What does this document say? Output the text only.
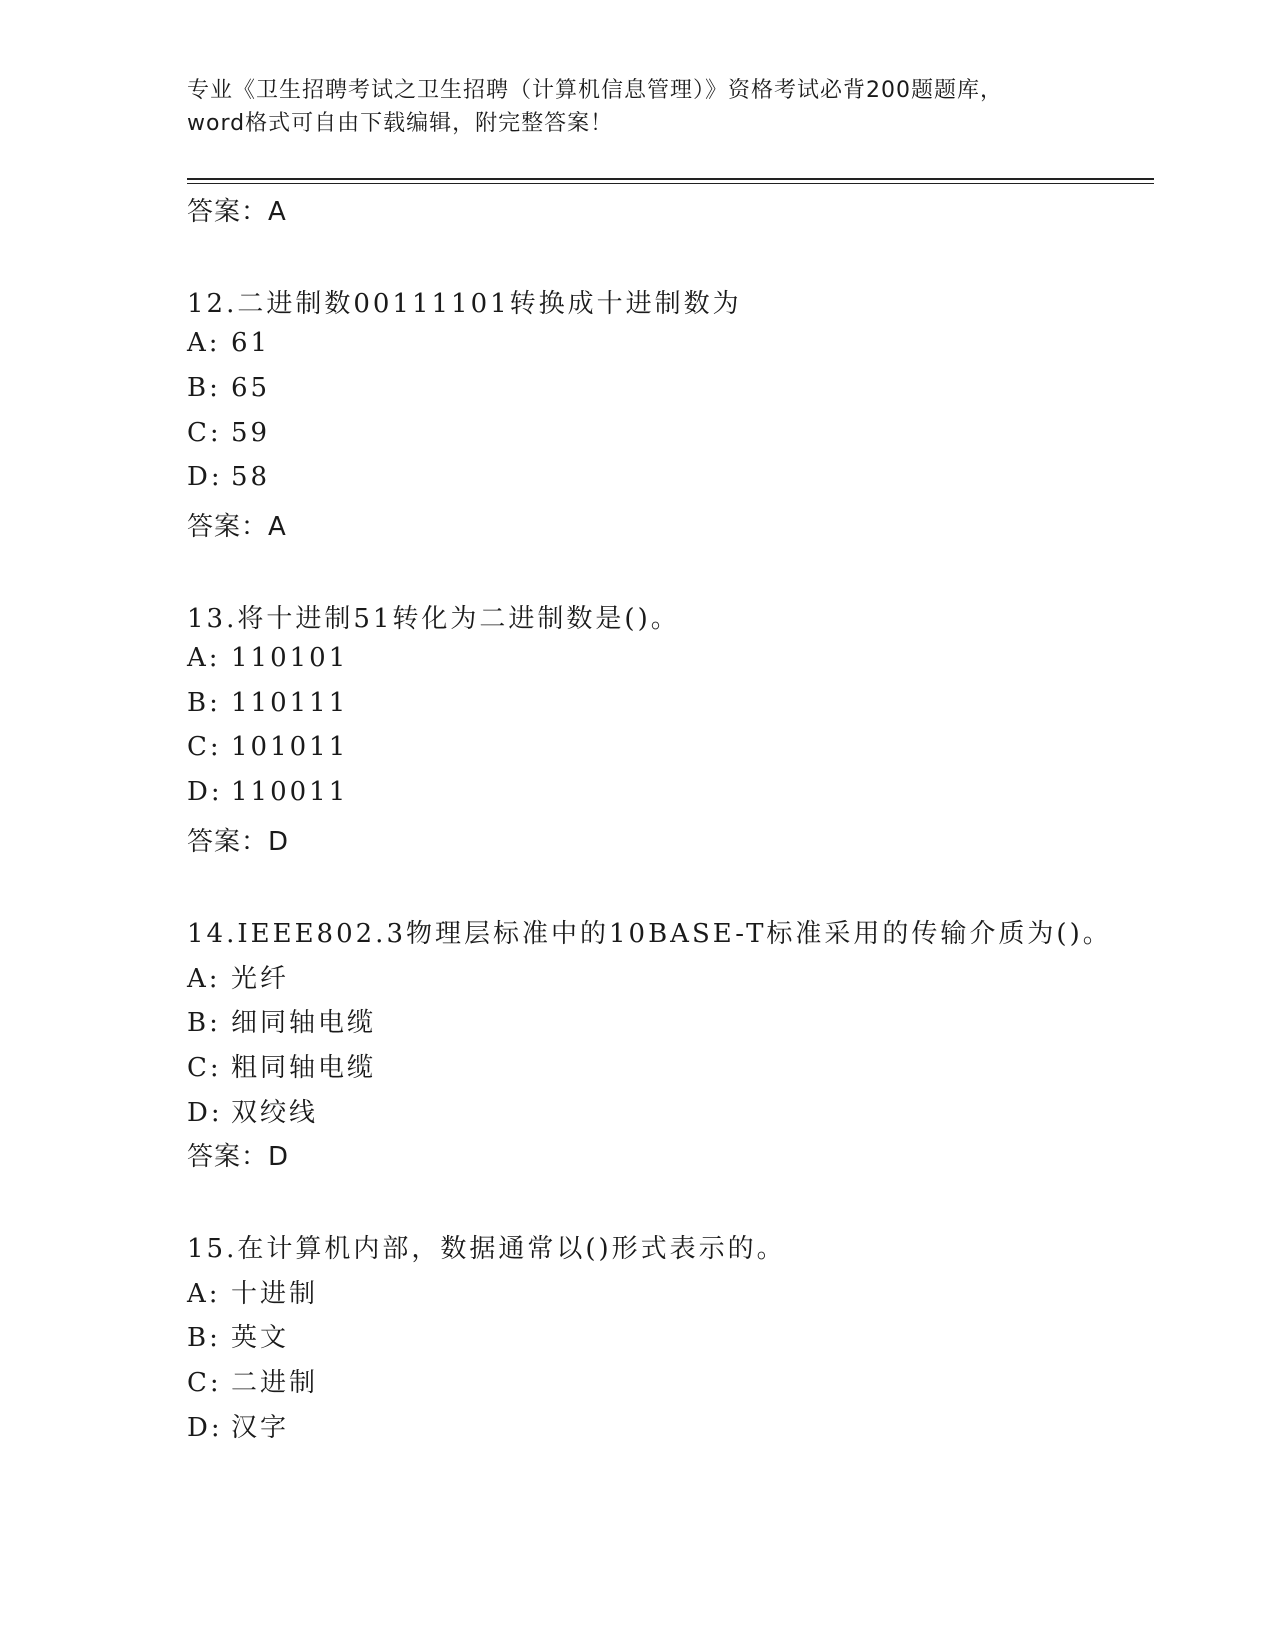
专业《卫生招聘考试之卫生招聘（计算机信息管理）》资格考试必背200题题库，
word格式可自由下载编辑，附完整答案！
答案：A
12.二进制数00111101转换成十进制数为
A: 61
B: 65
C: 59
D: 58
答案：A
13.将十进制51转化为二进制数是()。
A: 110101
B: 110111
C: 101011
D: 110011
答案：D
14.IEEE802.3物理层标准中的10BASE-T标准采用的传输介质为()。
A: 光纤
B: 细同轴电缆
C: 粗同轴电缆
D: 双绞线
答案：D
15.在计算机内部，数据通常以()形式表示的。
A: 十进制
B: 英文
C: 二进制
D: 汉字
